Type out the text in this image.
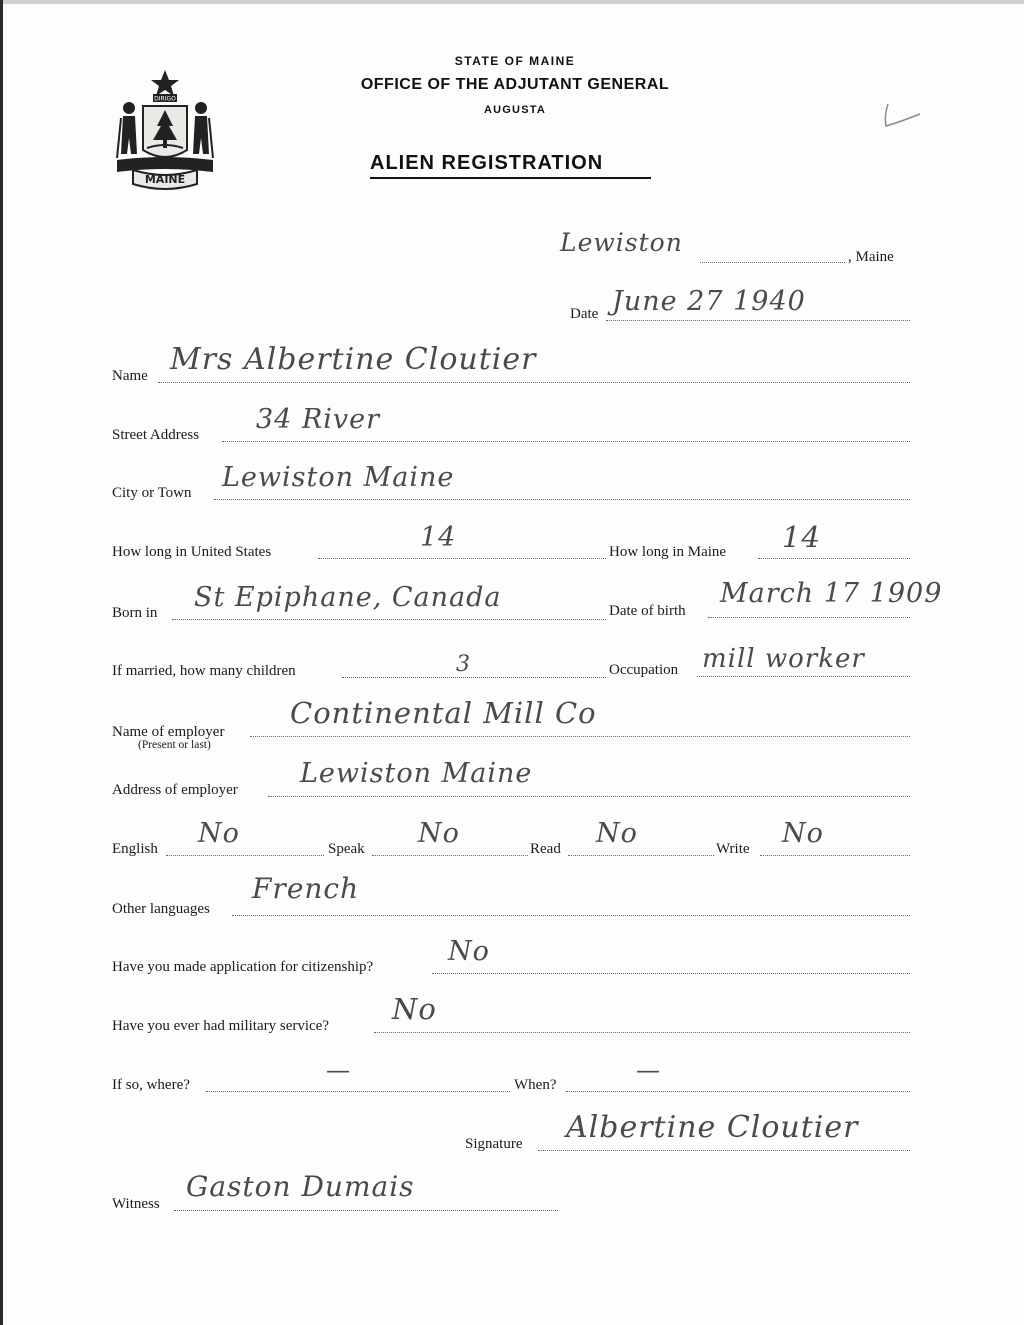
DIRIGO
MAINE
STATE OF MAINE
OFFICE OF THE ADJUTANT GENERAL
AUGUSTA
ALIEN REGISTRATION
Lewiston	, Maine
Date June 27 1940
Name Mrs Albertine Cloutier
Street Address 34 River
City or Town Lewiston Maine
How long in United States	14	How long in Maine 14
Born in St Epiphane, Canada	Date of birth
March 17 1909
If married, how many children	3	Occupation mill worker
Name of employer
(Present or last)
Continental Mill Co
Address of employer
Lewiston Maine
English No	Speak No	Read No	Write No
Other languages
French
Have you made application for citizenship?	No
Have you ever had military service? No
If so, where?
—
When?
—
Signature Albertine Cloutier
Witness
Gaston Dumais
